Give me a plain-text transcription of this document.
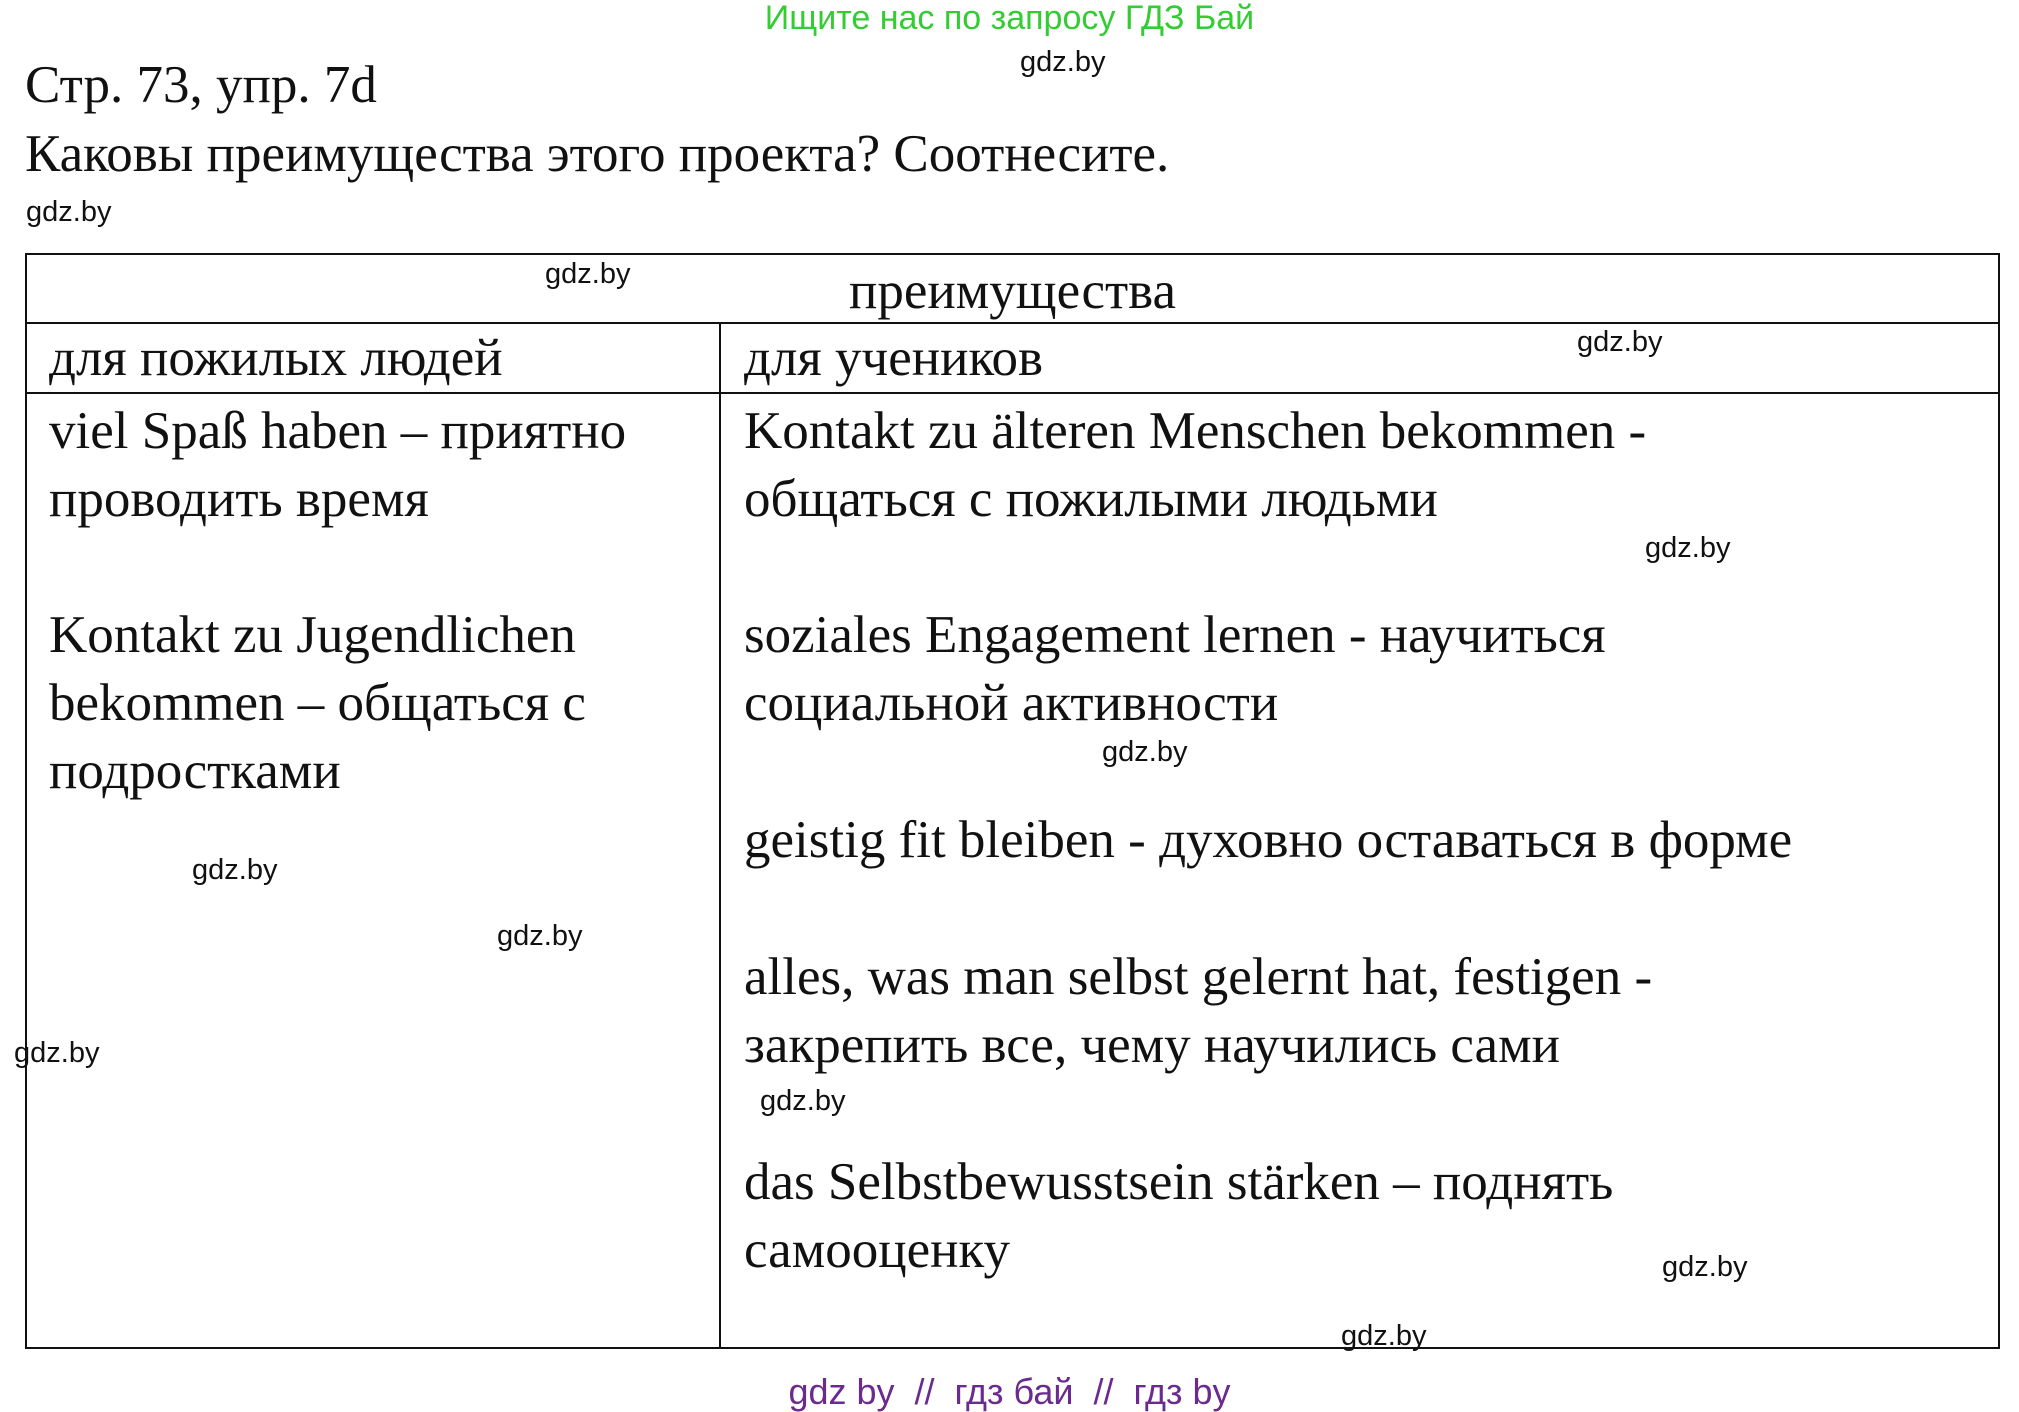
Ищите нас по запросу ГДЗ Бай
Стр. 73, упр. 7d
Каковы преимущества этого проекта? Соотнесите.
gdz.by
gdz.by
преимущества
для пожилых людей	для учеников
viel Spaß haben – приятно
проводить время
Kontakt zu Jugendlichen
bekommen – общаться с
подростками
Kontakt zu älteren Menschen bekommen -
общаться с пожилыми людьми
soziales Engagement lernen - научиться
социальной активности
geistig fit bleiben - духовно оставаться в форме
alles, was man selbst gelernt hat, festigen -
закрепить все, чему научились сами
das Selbstbewusstsein stärken – поднять
самооценку
gdz.by
gdz.by
gdz.by
gdz.by
gdz.by
gdz.by
gdz.by
gdz.by
gdz.by
gdz.by
gdz by  //  гдз бай  //  гдз by
